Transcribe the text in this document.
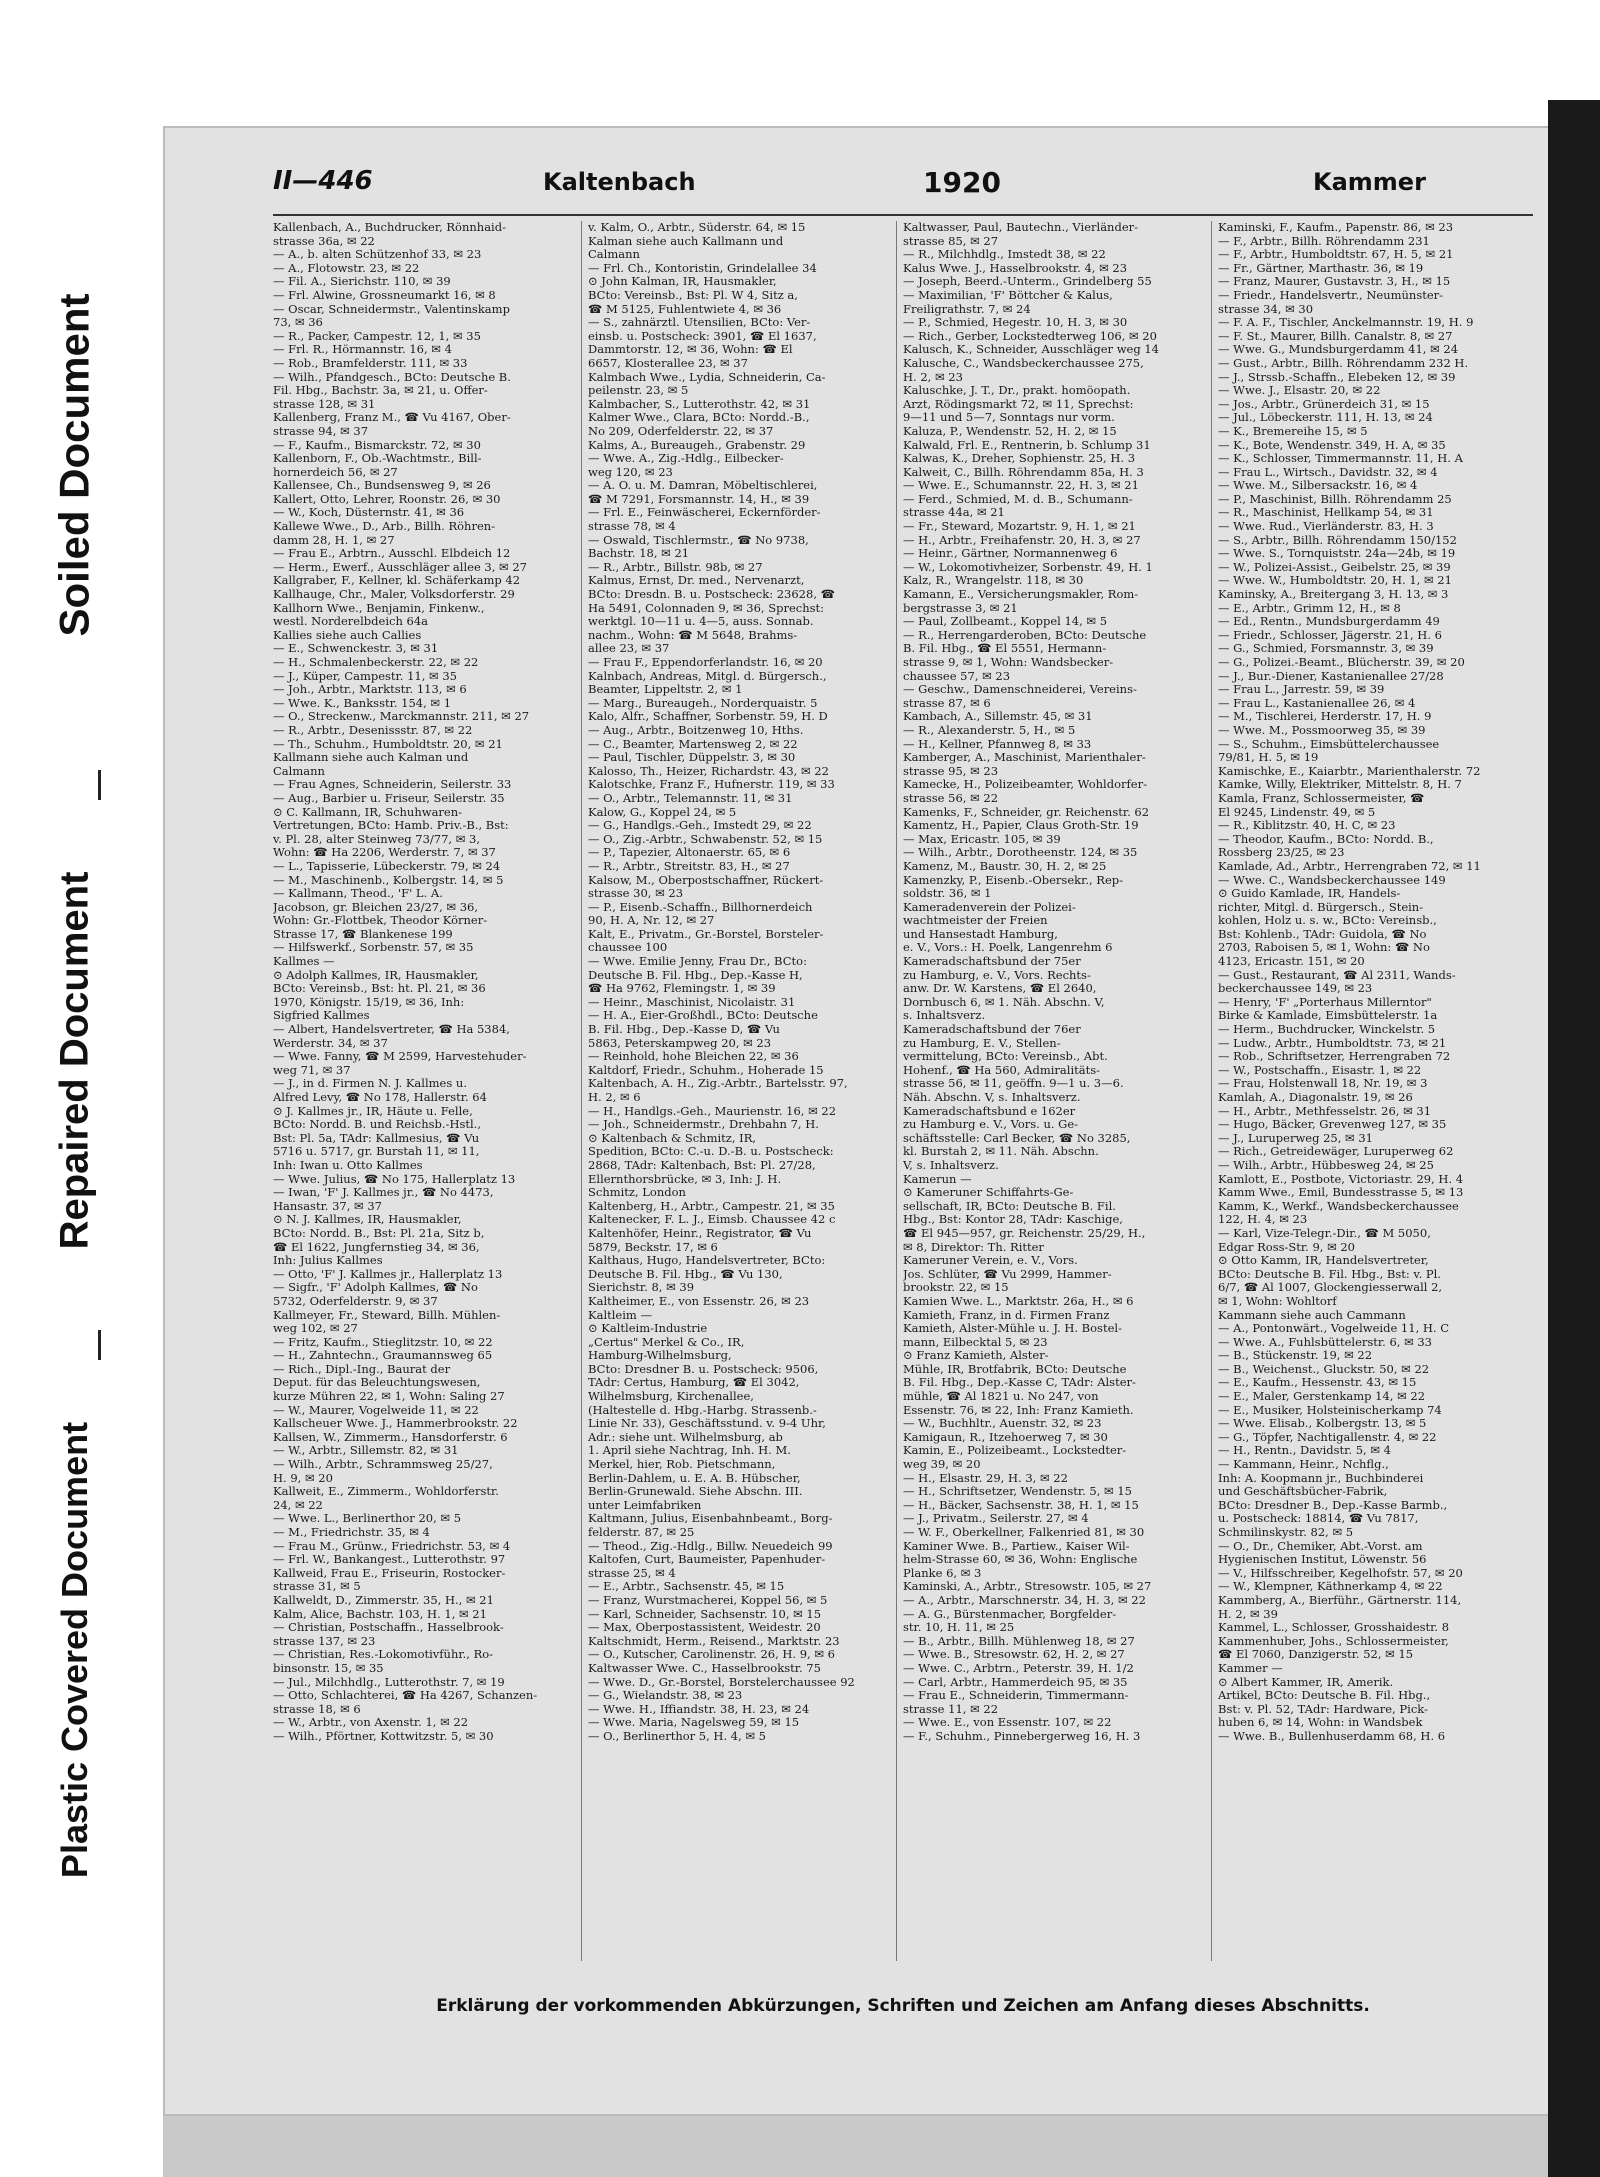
Soiled Document
Repaired Document
Plastic Covered Document
II—446	Kaltenbach	1920	Kammer
Kallenbach, A., Buchdrucker, Rönnhaid-
strasse 36a, ✉ 22
— A., b. alten Schützenhof 33, ✉ 23
— A., Flotowstr. 23, ✉ 22
— Fil. A., Sierichstr. 110, ✉ 39
— Frl. Alwine, Grossneumarkt 16, ✉ 8
— Oscar, Schneidermstr., Valentinskamp
73, ✉ 36
— R., Packer, Campestr. 12, 1, ✉ 35
— Frl. R., Hörmannstr. 16, ✉ 4
— Rob., Bramfelderstr. 111, ✉ 33
— Wilh., Pfandgesch., BCto: Deutsche B.
Fil. Hbg., Bachstr. 3a, ✉ 21, u. Offer-
strasse 128, ✉ 31
Kallenberg, Franz M., ☎ Vu 4167, Ober-
strasse 94, ✉ 37
— F., Kaufm., Bismarckstr. 72, ✉ 30
Kallenborn, F., Ob.-Wachtmstr., Bill-
hornerdeich 56, ✉ 27
Kallensee, Ch., Bundsensweg 9, ✉ 26
Kallert, Otto, Lehrer, Roonstr. 26, ✉ 30
— W., Koch, Düsternstr. 41, ✉ 36
Kallewe Wwe., D., Arb., Billh. Röhren-
damm 28, H. 1, ✉ 27
— Frau E., Arbtrn., Ausschl. Elbdeich 12
— Herm., Ewerf., Ausschläger allee 3, ✉ 27
Kallgraber, F., Kellner, kl. Schäferkamp 42
Kallhauge, Chr., Maler, Volksdorferstr. 29
Kallhorn Wwe., Benjamin, Finkenw.,
westl. Norderelbdeich 64a
Kallies siehe auch Callies
— E., Schwenckestr. 3, ✉ 31
— H., Schmalenbeckerstr. 22, ✉ 22
— J., Küper, Campestr. 11, ✉ 35
— Joh., Arbtr., Marktstr. 113, ✉ 6
— Wwe. K., Banksstr. 154, ✉ 1
— O., Streckenw., Marckmannstr. 211, ✉ 27
— R., Arbtr., Desenissstr. 87, ✉ 22
— Th., Schuhm., Humboldtstr. 20, ✉ 21
Kallmann siehe auch Kalman und
Calmann
— Frau Agnes, Schneiderin, Seilerstr. 33
— Aug., Barbier u. Friseur, Seilerstr. 35
⊙ C. Kallmann, IR, Schuhwaren-
Vertretungen, BCto: Hamb. Priv.-B., Bst:
v. Pl. 28, alter Steinweg 73/77, ✉ 3,
Wohn: ☎ Ha 2206, Werderstr. 7, ✉ 37
— L., Tapisserie, Lübeckerstr. 79, ✉ 24
— M., Maschinenb., Kolbergstr. 14, ✉ 5
— Kallmann, Theod., 'F' L. A.
Jacobson, gr. Bleichen 23/27, ✉ 36,
Wohn: Gr.-Flottbek, Theodor Körner-
Strasse 17, ☎ Blankenese 199
— Hilfswerkf., Sorbenstr. 57, ✉ 35
Kallmes —
⊙ Adolph Kallmes, IR, Hausmakler,
BCto: Vereinsb., Bst: ht. Pl. 21, ✉ 36
1970, Königstr. 15/19, ✉ 36, Inh:
Sigfried Kallmes
— Albert, Handelsvertreter, ☎ Ha 5384,
Werderstr. 34, ✉ 37
— Wwe. Fanny, ☎ M 2599, Harvestehuder-
weg 71, ✉ 37
— J., in d. Firmen N. J. Kallmes u.
Alfred Levy, ☎ No 178, Hallerstr. 64
⊙ J. Kallmes jr., IR, Häute u. Felle,
BCto: Nordd. B. und Reichsb.-Hstl.,
Bst: Pl. 5a, TAdr: Kallmesius, ☎ Vu
5716 u. 5717, gr. Burstah 11, ✉ 11,
Inh: Iwan u. Otto Kallmes
— Wwe. Julius, ☎ No 175, Hallerplatz 13
— Iwan, 'F' J. Kallmes jr., ☎ No 4473,
Hansastr. 37, ✉ 37
⊙ N. J. Kallmes, IR, Hausmakler,
BCto: Nordd. B., Bst: Pl. 21a, Sitz b,
☎ El 1622, Jungfernstieg 34, ✉ 36,
Inh: Julius Kallmes
— Otto, 'F' J. Kallmes jr., Hallerplatz 13
— Sigfr., 'F' Adolph Kallmes, ☎ No
5732, Oderfelderstr. 9, ✉ 37
Kallmeyer, Fr., Steward, Billh. Mühlen-
weg 102, ✉ 27
— Fritz, Kaufm., Stieglitzstr. 10, ✉ 22
— H., Zahntechn., Graumannsweg 65
— Rich., Dipl.-Ing., Baurat der
Deput. für das Beleuchtungswesen,
kurze Mühren 22, ✉ 1, Wohn: Saling 27
— W., Maurer, Vogelweide 11, ✉ 22
Kallscheuer Wwe. J., Hammerbrookstr. 22
Kallsen, W., Zimmerm., Hansdorferstr. 6
— W., Arbtr., Sillemstr. 82, ✉ 31
— Wilh., Arbtr., Schrammsweg 25/27,
H. 9, ✉ 20
Kallweit, E., Zimmerm., Wohldorferstr.
24, ✉ 22
— Wwe. L., Berlinerthor 20, ✉ 5
— M., Friedrichstr. 35, ✉ 4
— Frau M., Grünw., Friedrichstr. 53, ✉ 4
— Frl. W., Bankangest., Lutterothstr. 97
Kallweid, Frau E., Friseurin, Rostocker-
strasse 31, ✉ 5
Kallweldt, D., Zimmerstr. 35, H., ✉ 21
Kalm, Alice, Bachstr. 103, H. 1, ✉ 21
— Christian, Postschaffn., Hasselbrook-
strasse 137, ✉ 23
— Christian, Res.-Lokomotivführ., Ro-
binsonstr. 15, ✉ 35
— Jul., Milchhdlg., Lutterothstr. 7, ✉ 19
— Otto, Schlachterei, ☎ Ha 4267, Schanzen-
strasse 18, ✉ 6
— W., Arbtr., von Axenstr. 1, ✉ 22
— Wilh., Pförtner, Kottwitzstr. 5, ✉ 30
v. Kalm, O., Arbtr., Süderstr. 64, ✉ 15
Kalman siehe auch Kallmann und
Calmann
— Frl. Ch., Kontoristin, Grindelallee 34
⊙ John Kalman, IR, Hausmakler,
BCto: Vereinsb., Bst: Pl. W 4, Sitz a,
☎ M 5125, Fuhlentwiete 4, ✉ 36
— S., zahnärztl. Utensilien, BCto: Ver-
einsb. u. Postscheck: 3901, ☎ El 1637,
Dammtorstr. 12, ✉ 36, Wohn: ☎ El
6657, Klosterallee 23, ✉ 37
Kalmbach Wwe., Lydia, Schneiderin, Ca-
peilenstr. 23, ✉ 5
Kalmbacher, S., Lutterothstr. 42, ✉ 31
Kalmer Wwe., Clara, BCto: Nordd.-B.,
No 209, Oderfelderstr. 22, ✉ 37
Kalms, A., Bureaugeh., Grabenstr. 29
— Wwe. A., Zig.-Hdlg., Eilbecker-
weg 120, ✉ 23
— A. O. u. M. Damran, Möbeltischlerei,
☎ M 7291, Forsmannstr. 14, H., ✉ 39
— Frl. E., Feinwäscherei, Eckernförder-
strasse 78, ✉ 4
— Oswald, Tischlermstr., ☎ No 9738,
Bachstr. 18, ✉ 21
— R., Arbtr., Billstr. 98b, ✉ 27
Kalmus, Ernst, Dr. med., Nervenarzt,
BCto: Dresdn. B. u. Postscheck: 23628, ☎
Ha 5491, Colonnaden 9, ✉ 36, Sprechst:
werktgl. 10—11 u. 4—5, auss. Sonnab.
nachm., Wohn: ☎ M 5648, Brahms-
allee 23, ✉ 37
— Frau F., Eppendorferlandstr. 16, ✉ 20
Kalnbach, Andreas, Mitgl. d. Bürgersch.,
Beamter, Lippeltstr. 2, ✉ 1
— Marg., Bureaugeh., Norderquaistr. 5
Kalo, Alfr., Schaffner, Sorbenstr. 59, H. D
— Aug., Arbtr., Boitzenweg 10, Hths.
— C., Beamter, Martensweg 2, ✉ 22
— Paul, Tischler, Düppelstr. 3, ✉ 30
Kalosso, Th., Heizer, Richardstr. 43, ✉ 22
Kalotschke, Franz F., Hufnerstr. 119, ✉ 33
— O., Arbtr., Telemannstr. 11, ✉ 31
Kalow, G., Koppel 24, ✉ 5
— G., Handlgs.-Geh., Imstedt 29, ✉ 22
— O., Zig.-Arbtr., Schwabenstr. 52, ✉ 15
— P., Tapezier, Altonaerstr. 65, ✉ 6
— R., Arbtr., Streitstr. 83, H., ✉ 27
Kalsow, M., Oberpostschaffner, Rückert-
strasse 30, ✉ 23
— P., Eisenb.-Schaffn., Billhornerdeich
90, H. A, Nr. 12, ✉ 27
Kalt, E., Privatm., Gr.-Borstel, Borsteler-
chaussee 100
— Wwe. Emilie Jenny, Frau Dr., BCto:
Deutsche B. Fil. Hbg., Dep.-Kasse H,
☎ Ha 9762, Flemingstr. 1, ✉ 39
— Heinr., Maschinist, Nicolaistr. 31
— H. A., Eier-Großhdl., BCto: Deutsche
B. Fil. Hbg., Dep.-Kasse D, ☎ Vu
5863, Peterskampweg 20, ✉ 23
— Reinhold, hohe Bleichen 22, ✉ 36
Kaltdorf, Friedr., Schuhm., Hoherade 15
Kaltenbach, A. H., Zig.-Arbtr., Bartelsstr. 97,
H. 2, ✉ 6
— H., Handlgs.-Geh., Maurienstr. 16, ✉ 22
— Joh., Schneidermstr., Drehbahn 7, H.
⊙ Kaltenbach & Schmitz, IR,
Spedition, BCto: C.-u. D.-B. u. Postscheck:
2868, TAdr: Kaltenbach, Bst: Pl. 27/28,
Ellernthorsbrücke, ✉ 3, Inh: J. H.
Schmitz, London
Kaltenberg, H., Arbtr., Campestr. 21, ✉ 35
Kaltenecker, F. L. J., Eimsb. Chaussee 42 c
Kaltenhöfer, Heinr., Registrator, ☎ Vu
5879, Beckstr. 17, ✉ 6
Kalthaus, Hugo, Handelsvertreter, BCto:
Deutsche B. Fil. Hbg., ☎ Vu 130,
Sierichstr. 8, ✉ 39
Kaltheimer, E., von Essenstr. 26, ✉ 23
Kaltleim —
⊙ Kaltleim-Industrie
„Certus" Merkel & Co., IR,
Hamburg-Wilhelmsburg,
BCto: Dresdner B. u. Postscheck: 9506,
TAdr: Certus, Hamburg, ☎ El 3042,
Wilhelmsburg, Kirchenallee,
(Haltestelle d. Hbg.-Harbg. Strassenb.-
Linie Nr. 33), Geschäftsstund. v. 9-4 Uhr,
Adr.: siehe unt. Wilhelmsburg, ab
1. April siehe Nachtrag, Inh. H. M.
Merkel, hier, Rob. Pietschmann,
Berlin-Dahlem, u. E. A. B. Hübscher,
Berlin-Grunewald. Siehe Abschn. III.
unter Leimfabriken
Kaltmann, Julius, Eisenbahnbeamt., Borg-
felderstr. 87, ✉ 25
— Theod., Zig.-Hdlg., Billw. Neuedeich 99
Kaltofen, Curt, Baumeister, Papenhuder-
strasse 25, ✉ 4
— E., Arbtr., Sachsenstr. 45, ✉ 15
— Franz, Wurstmacherei, Koppel 56, ✉ 5
— Karl, Schneider, Sachsenstr. 10, ✉ 15
— Max, Oberpostassistent, Weidestr. 20
Kaltschmidt, Herm., Reisend., Marktstr. 23
— O., Kutscher, Carolinenstr. 26, H. 9, ✉ 6
Kaltwasser Wwe. C., Hasselbrookstr. 75
— Wwe. D., Gr.-Borstel, Borstelerchaussee 92
— G., Wielandstr. 38, ✉ 23
— Wwe. H., Iffiandstr. 38, H. 23, ✉ 24
— Wwe. Maria, Nagelsweg 59, ✉ 15
— O., Berlinerthor 5, H. 4, ✉ 5
Kaltwasser, Paul, Bautechn., Vierländer-
strasse 85, ✉ 27
— R., Milchhdlg., Imstedt 38, ✉ 22
Kalus Wwe. J., Hasselbrookstr. 4, ✉ 23
— Joseph, Beerd.-Unterm., Grindelberg 55
— Maximilian, 'F' Böttcher & Kalus,
Freiligrathstr. 7, ✉ 24
— P., Schmied, Hegestr. 10, H. 3, ✉ 30
— Rich., Gerber, Lockstedterweg 106, ✉ 20
Kalusch, K., Schneider, Ausschläger weg 14
Kalusche, C., Wandsbeckerchaussee 275,
H. 2, ✉ 23
Kaluschke, J. T., Dr., prakt. homöopath.
Arzt, Rödingsmarkt 72, ✉ 11, Sprechst:
9—11 und 5—7, Sonntags nur vorm.
Kaluza, P., Wendenstr. 52, H. 2, ✉ 15
Kalwald, Frl. E., Rentnerin, b. Schlump 31
Kalwas, K., Dreher, Sophienstr. 25, H. 3
Kalweit, C., Billh. Röhrendamm 85a, H. 3
— Wwe. E., Schumannstr. 22, H. 3, ✉ 21
— Ferd., Schmied, M. d. B., Schumann-
strasse 44a, ✉ 21
— Fr., Steward, Mozartstr. 9, H. 1, ✉ 21
— H., Arbtr., Freihafenstr. 20, H. 3, ✉ 27
— Heinr., Gärtner, Normannenweg 6
— W., Lokomotivheizer, Sorbenstr. 49, H. 1
Kalz, R., Wrangelstr. 118, ✉ 30
Kamann, E., Versicherungsmakler, Rom-
bergstrasse 3, ✉ 21
— Paul, Zollbeamt., Koppel 14, ✉ 5
— R., Herrengarderoben, BCto: Deutsche
B. Fil. Hbg., ☎ El 5551, Hermann-
strasse 9, ✉ 1, Wohn: Wandsbecker-
chaussee 57, ✉ 23
— Geschw., Damenschneiderei, Vereins-
strasse 87, ✉ 6
Kambach, A., Sillemstr. 45, ✉ 31
— R., Alexanderstr. 5, H., ✉ 5
— H., Kellner, Pfannweg 8, ✉ 33
Kamberger, A., Maschinist, Marienthaler-
strasse 95, ✉ 23
Kamecke, H., Polizeibeamter, Wohldorfer-
strasse 56, ✉ 22
Kamenks, F., Schneider, gr. Reichenstr. 62
Kamentz, H., Papier, Claus Groth-Str. 19
— Max, Ericastr. 105, ✉ 39
— Wilh., Arbtr., Dorotheenstr. 124, ✉ 35
Kamenz, M., Baustr. 30, H. 2, ✉ 25
Kamenzky, P., Eisenb.-Obersekr., Rep-
soldstr. 36, ✉ 1
Kameradenverein der Polizei-
wachtmeister der Freien
und Hansestadt Hamburg,
e. V., Vors.: H. Poelk, Langenrehm 6
Kameradschaftsbund der 75er
zu Hamburg, e. V., Vors. Rechts-
anw. Dr. W. Karstens, ☎ El 2640,
Dornbusch 6, ✉ 1. Näh. Abschn. V,
s. Inhaltsverz.
Kameradschaftsbund der 76er
zu Hamburg, E. V., Stellen-
vermittelung, BCto: Vereinsb., Abt.
Hohenf., ☎ Ha 560, Admiralitäts-
strasse 56, ✉ 11, geöffn. 9—1 u. 3—6.
Näh. Abschn. V, s. Inhaltsverz.
Kameradschaftsbund e 162er
zu Hamburg e. V., Vors. u. Ge-
schäftsstelle: Carl Becker, ☎ No 3285,
kl. Burstah 2, ✉ 11. Näh. Abschn.
V, s. Inhaltsverz.
Kamerun —
⊙ Kameruner Schiffahrts-Ge-
sellschaft, IR, BCto: Deutsche B. Fil.
Hbg., Bst: Kontor 28, TAdr: Kaschige,
☎ El 945—957, gr. Reichenstr. 25/29, H.,
✉ 8, Direktor: Th. Ritter
Kameruner Verein, e. V., Vors.
Jos. Schlüter, ☎ Vu 2999, Hammer-
brookstr. 22, ✉ 15
Kamien Wwe. L., Marktstr. 26a, H., ✉ 6
Kamieth, Franz, in d. Firmen Franz
Kamieth, Alster-Mühle u. J. H. Bostel-
mann, Eilbecktal 5, ✉ 23
⊙ Franz Kamieth, Alster-
Mühle, IR, Brotfabrik, BCto: Deutsche
B. Fil. Hbg., Dep.-Kasse C, TAdr: Alster-
mühle, ☎ Al 1821 u. No 247, von
Essenstr. 76, ✉ 22, Inh: Franz Kamieth.
— W., Buchhltr., Auenstr. 32, ✉ 23
Kamigaun, R., Itzehoerweg 7, ✉ 30
Kamin, E., Polizeibeamt., Lockstedter-
weg 39, ✉ 20
— H., Elsastr. 29, H. 3, ✉ 22
— H., Schriftsetzer, Wendenstr. 5, ✉ 15
— H., Bäcker, Sachsenstr. 38, H. 1, ✉ 15
— J., Privatm., Seilerstr. 27, ✉ 4
— W. F., Oberkellner, Falkenried 81, ✉ 30
Kaminer Wwe. B., Partiew., Kaiser Wil-
helm-Strasse 60, ✉ 36, Wohn: Englische
Planke 6, ✉ 3
Kaminski, A., Arbtr., Stresowstr. 105, ✉ 27
— A., Arbtr., Marschnerstr. 34, H. 3, ✉ 22
— A. G., Bürstenmacher, Borgfelder-
str. 10, H. 11, ✉ 25
— B., Arbtr., Billh. Mühlenweg 18, ✉ 27
— Wwe. B., Stresowstr. 62, H. 2, ✉ 27
— Wwe. C., Arbtrn., Peterstr. 39, H. 1/2
— Carl, Arbtr., Hammerdeich 95, ✉ 35
— Frau E., Schneiderin, Timmermann-
strasse 11, ✉ 22
— Wwe. E., von Essenstr. 107, ✉ 22
— F., Schuhm., Pinnebergerweg 16, H. 3
Kaminski, F., Kaufm., Papenstr. 86, ✉ 23
— F., Arbtr., Billh. Röhrendamm 231
— F., Arbtr., Humboldtstr. 67, H. 5, ✉ 21
— Fr., Gärtner, Marthastr. 36, ✉ 19
— Franz, Maurer, Gustavstr. 3, H., ✉ 15
— Friedr., Handelsvertr., Neumünster-
strasse 34, ✉ 30
— F. A. F., Tischler, Anckelmannstr. 19, H. 9
— F. St., Maurer, Billh. Canalstr. 8, ✉ 27
— Wwe. G., Mundsburgerdamm 41, ✉ 24
— Gust., Arbtr., Billh. Röhrendamm 232 H.
— J., Strssb.-Schaffn., Elebeken 12, ✉ 39
— Wwe. J., Elsastr. 20, ✉ 22
— Jos., Arbtr., Grünerdeich 31, ✉ 15
— Jul., Löbeckerstr. 111, H. 13, ✉ 24
— K., Bremereihe 15, ✉ 5
— K., Bote, Wendenstr. 349, H. A, ✉ 35
— K., Schlosser, Timmermannstr. 11, H. A
— Frau L., Wirtsch., Davidstr. 32, ✉ 4
— Wwe. M., Silbersackstr. 16, ✉ 4
— P., Maschinist, Billh. Röhrendamm 25
— R., Maschinist, Hellkamp 54, ✉ 31
— Wwe. Rud., Vierländerstr. 83, H. 3
— S., Arbtr., Billh. Röhrendamm 150/152
— Wwe. S., Tornquiststr. 24a—24b, ✉ 19
— W., Polizei-Assist., Geibelstr. 25, ✉ 39
— Wwe. W., Humboldtstr. 20, H. 1, ✉ 21
Kaminsky, A., Breitergang 3, H. 13, ✉ 3
— E., Arbtr., Grimm 12, H., ✉ 8
— Ed., Rentn., Mundsburgerdamm 49
— Friedr., Schlosser, Jägerstr. 21, H. 6
— G., Schmied, Forsmannstr. 3, ✉ 39
— G., Polizei.-Beamt., Blücherstr. 39, ✉ 20
— J., Bur.-Diener, Kastanienallee 27/28
— Frau L., Jarrestr. 59, ✉ 39
— Frau L., Kastanienallee 26, ✉ 4
— M., Tischlerei, Herderstr. 17, H. 9
— Wwe. M., Possmoorweg 35, ✉ 39
— S., Schuhm., Eimsbüttelerchaussee
79/81, H. 5, ✉ 19
Kamischke, E., Kaiarbtr., Marienthalerstr. 72
Kamke, Willy, Elektriker, Mittelstr. 8, H. 7
Kamla, Franz, Schlossermeister, ☎
El 9245, Lindenstr. 49, ✉ 5
— R., Kiblitzstr. 40, H. C, ✉ 23
— Theodor, Kaufm., BCto: Nordd. B.,
Rossberg 23/25, ✉ 23
Kamlade, Ad., Arbtr., Herrengraben 72, ✉ 11
— Wwe. C., Wandsbeckerchaussee 149
⊙ Guido Kamlade, IR, Handels-
richter, Mitgl. d. Bürgersch., Stein-
kohlen, Holz u. s. w., BCto: Vereinsb.,
Bst: Kohlenb., TAdr: Guidola, ☎ No
2703, Raboisen 5, ✉ 1, Wohn: ☎ No
4123, Ericastr. 151, ✉ 20
— Gust., Restaurant, ☎ Al 2311, Wands-
beckerchaussee 149, ✉ 23
— Henry, 'F' „Porterhaus Millerntor"
Birke & Kamlade, Eimsbüttelerstr. 1a
— Herm., Buchdrucker, Winckelstr. 5
— Ludw., Arbtr., Humboldtstr. 73, ✉ 21
— Rob., Schriftsetzer, Herrengraben 72
— W., Postschaffn., Eisastr. 1, ✉ 22
— Frau, Holstenwall 18, Nr. 19, ✉ 3
Kamlah, A., Diagonalstr. 19, ✉ 26
— H., Arbtr., Methfesselstr. 26, ✉ 31
— Hugo, Bäcker, Grevenweg 127, ✉ 35
— J., Luruperweg 25, ✉ 31
— Rich., Getreidewäger, Luruperweg 62
— Wilh., Arbtr., Hübbesweg 24, ✉ 25
Kamlott, E., Postbote, Victoriastr. 29, H. 4
Kamm Wwe., Emil, Bundesstrasse 5, ✉ 13
Kamm, K., Werkf., Wandsbeckerchaussee
122, H. 4, ✉ 23
— Karl, Vize-Telegr.-Dir., ☎ M 5050,
Edgar Ross-Str. 9, ✉ 20
⊙ Otto Kamm, IR, Handelsvertreter,
BCto: Deutsche B. Fil. Hbg., Bst: v. Pl.
6/7, ☎ Al 1007, Glockengiesserwall 2,
✉ 1, Wohn: Wohltorf
Kammann siehe auch Cammann
— A., Pontonwärt., Vogelweide 11, H. C
— Wwe. A., Fuhlsbüttelerstr. 6, ✉ 33
— B., Stückenstr. 19, ✉ 22
— B., Weichenst., Gluckstr. 50, ✉ 22
— E., Kaufm., Hessenstr. 43, ✉ 15
— E., Maler, Gerstenkamp 14, ✉ 22
— E., Musiker, Holsteinischerkamp 74
— Wwe. Elisab., Kolbergstr. 13, ✉ 5
— G., Töpfer, Nachtigallenstr. 4, ✉ 22
— H., Rentn., Davidstr. 5, ✉ 4
— Kammann, Heinr., Nchflg.,
Inh: A. Koopmann jr., Buchbinderei
und Geschäftsbücher-Fabrik,
BCto: Dresdner B., Dep.-Kasse Barmb.,
u. Postscheck: 18814, ☎ Vu 7817,
Schmilinskystr. 82, ✉ 5
— O., Dr., Chemiker, Abt.-Vorst. am
Hygienischen Institut, Löwenstr. 56
— V., Hilfsschreiber, Kegelhofstr. 57, ✉ 20
— W., Klempner, Käthnerkamp 4, ✉ 22
Kammberg, A., Bierführ., Gärtnerstr. 114,
H. 2, ✉ 39
Kammel, L., Schlosser, Grosshaidestr. 8
Kammenhuber, Johs., Schlossermeister,
☎ El 7060, Danzigerstr. 52, ✉ 15
Kammer —
⊙ Albert Kammer, IR, Amerik.
Artikel, BCto: Deutsche B. Fil. Hbg.,
Bst: v. Pl. 52, TAdr: Hardware, Pick-
huben 6, ✉ 14, Wohn: in Wandsbek
— Wwe. B., Bullenhuserdamm 68, H. 6
Erklärung der vorkommenden Abkürzungen, Schriften und Zeichen am Anfang dieses Abschnitts.
